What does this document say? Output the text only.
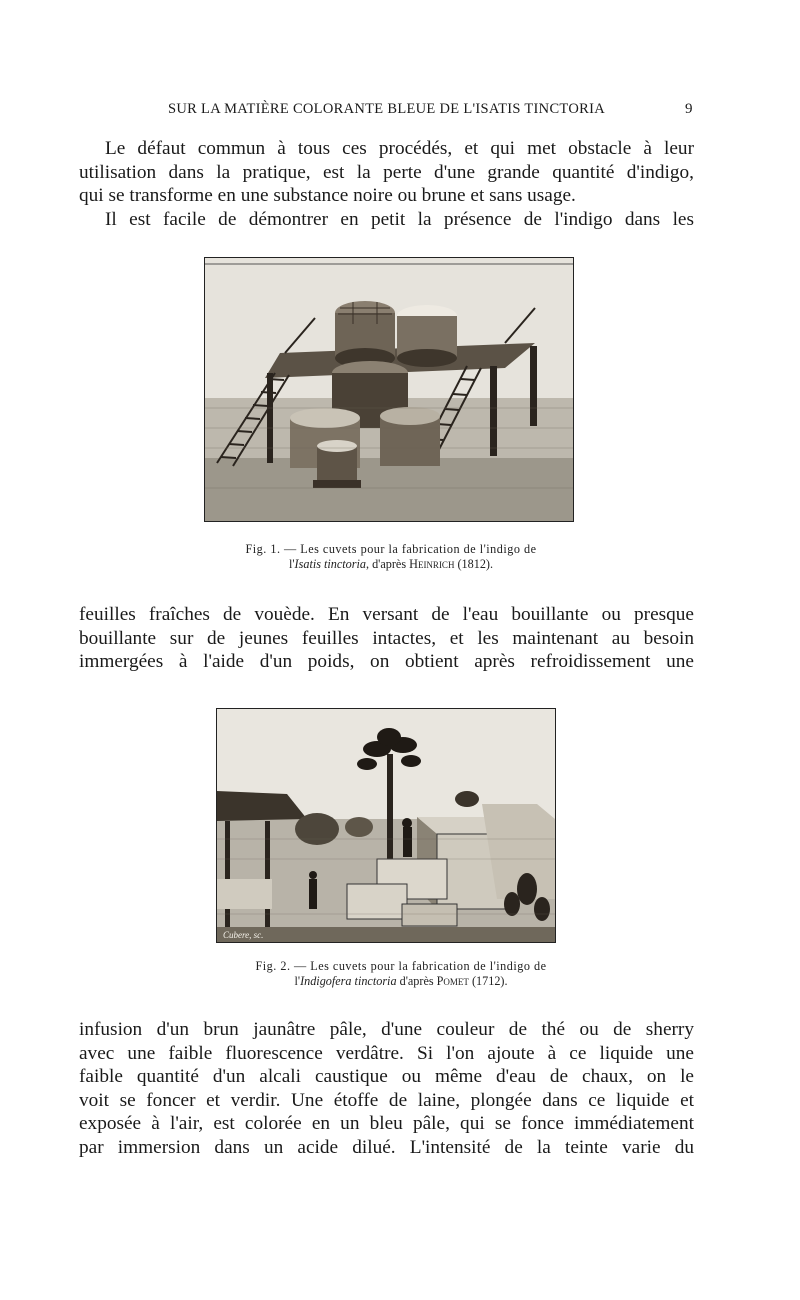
SUR LA MATIÈRE COLORANTE BLEUE DE L'ISATIS TINCTORIA	9
Le défaut commun à tous ces procédés, et qui met obstacle à leur
utilisation dans la pratique, est la perte d'une grande quantité d'indigo,
qui se transforme en une substance noire ou brune et sans usage.
Il est facile de démontrer en petit la présence de l'indigo dans les
Fig. 1. — Les cuvets pour la fabrication de l'indigo de
l'Isatis tinctoria, d'après Heinrich (1812).
feuilles fraîches de vouède. En versant de l'eau bouillante ou presque
bouillante sur de jeunes feuilles intactes, et les maintenant au besoin
immergées à l'aide d'un poids, on obtient après refroidissement une
Cubere, sc.
Fig. 2. — Les cuvets pour la fabrication de l'indigo de
l'Indigofera tinctoria d'après Pomet (1712).
infusion d'un brun jaunâtre pâle, d'une couleur de thé ou de sherry
avec une faible fluorescence verdâtre. Si l'on ajoute à ce liquide une
faible quantité d'un alcali caustique ou même d'eau de chaux, on le
voit se foncer et verdir. Une étoffe de laine, plongée dans ce liquide et
exposée à l'air, est colorée en un bleu pâle, qui se fonce immédiatement
par immersion dans un acide dilué. L'intensité de la teinte varie du
